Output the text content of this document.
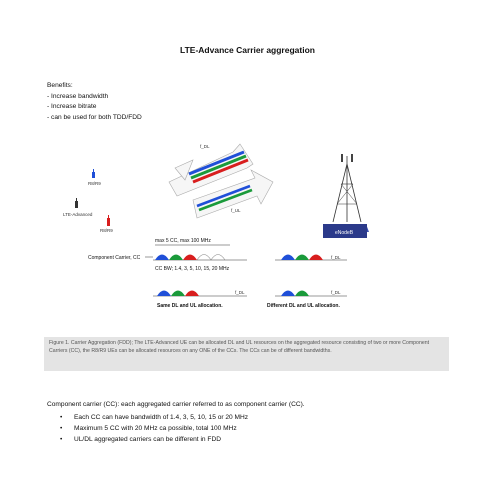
LTE-Advance Carrier aggregation
Benefits:
- Increase bandwidth
- Increase bitrate
- can be used for both TDD/FDD
R8/R9
LTE-Advanced
R8/R9
f_DL
f_UL
eNodeB
max 5 CC, max 100 MHz
Component Carrier, CC
CC BW; 1.4, 3, 5, 10, 15, 20 MHz
f_DL
f_DL
Same DL and UL allocation.
f_DL
Different DL and UL allocation.
Figure 1. Carrier Aggregation (FDD); The LTE-Advanced UE can be allocated DL and UL resources on the aggregated resource consisting of two or more Component Carriers (CC), the R8/R9 UEs can be allocated resources on any ONE of the CCs. The CCs can be of different bandwidths.
Component carrier (CC): each aggregated carrier referred to as component carrier (CC).
• Each CC can have bandwidth of 1.4, 3, 5, 10, 15 or 20 MHz
• Maximum 5 CC with 20 MHz ca possible, total 100 MHz
• UL/DL aggregated carriers can be different in FDD
